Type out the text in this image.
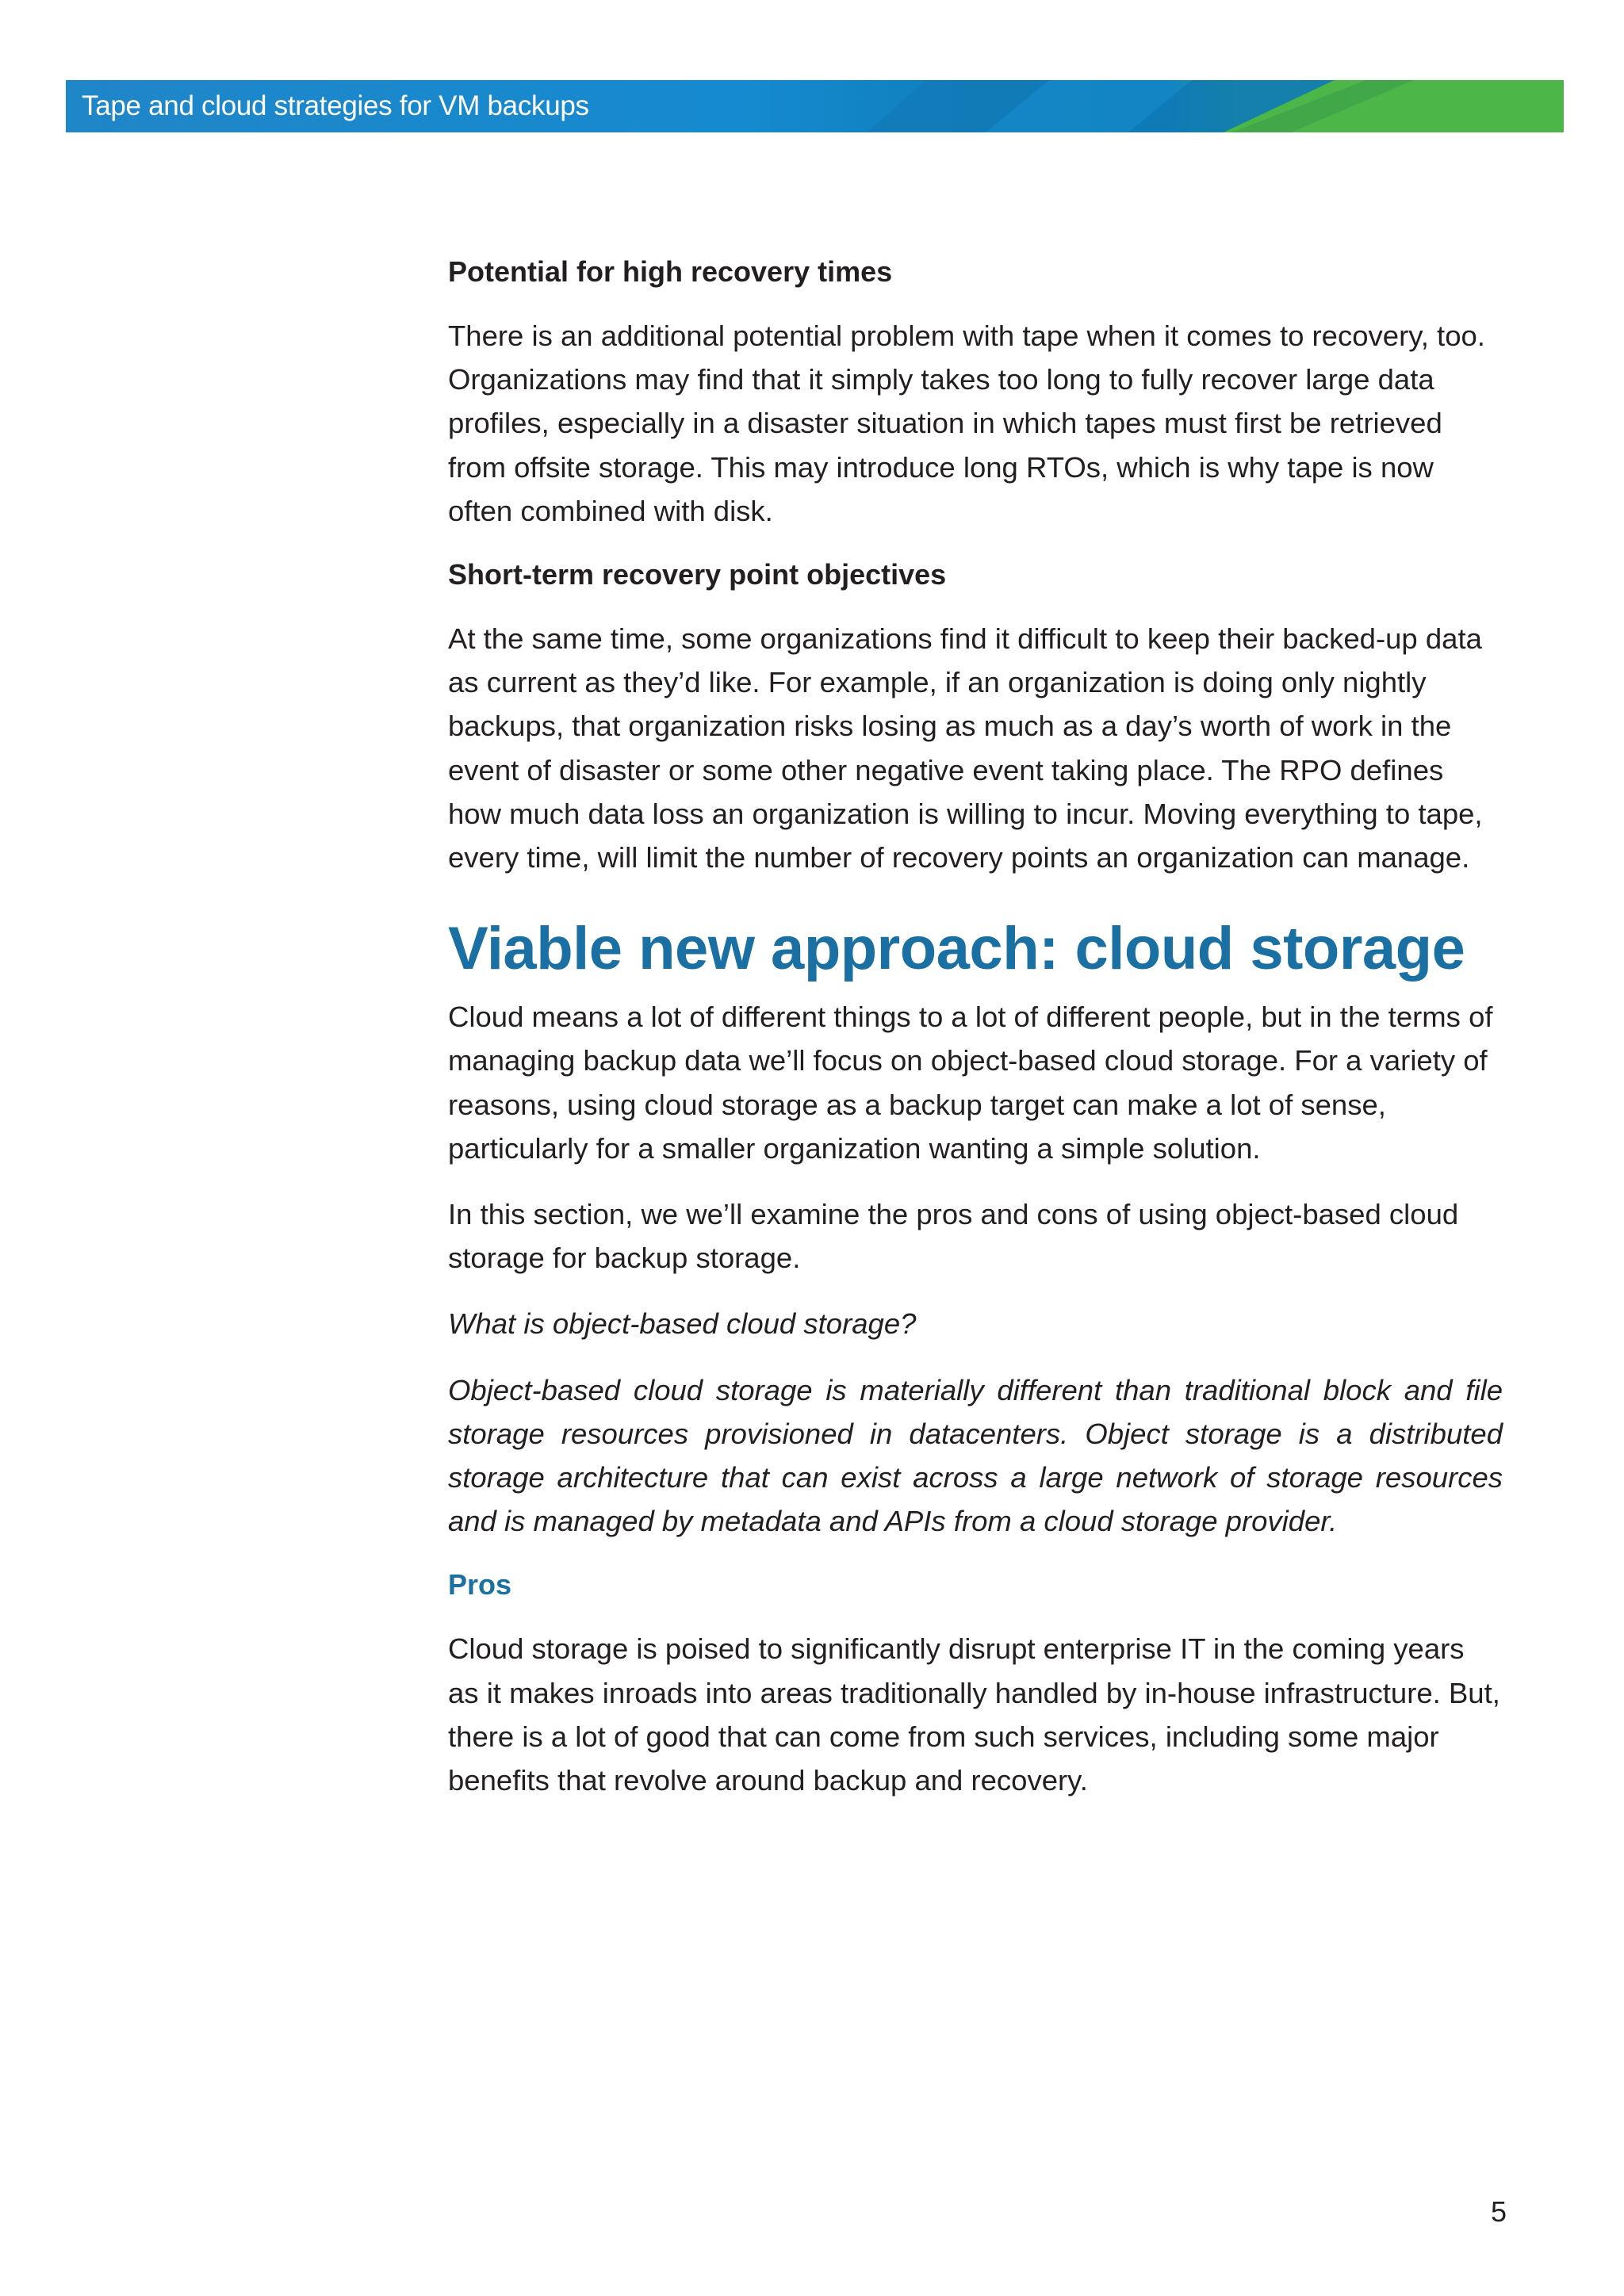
Tape and cloud strategies for VM backups
Potential for high recovery times
There is an additional potential problem with tape when it comes to recovery, too. Organizations may find that it simply takes too long to fully recover large data profiles, especially in a disaster situation in which tapes must first be retrieved from offsite storage. This may introduce long RTOs, which is why tape is now often combined with disk.
Short-term recovery point objectives
At the same time, some organizations find it difficult to keep their backed-up data as current as they’d like. For example, if an organization is doing only nightly backups, that organization risks losing as much as a day’s worth of work in the event of disaster or some other negative event taking place. The RPO defines how much data loss an organization is willing to incur. Moving everything to tape, every time, will limit the number of recovery points an organization can manage.
Viable new approach: cloud storage
Cloud means a lot of different things to a lot of different people, but in the terms of managing backup data we’ll focus on object-based cloud storage. For a variety of reasons, using cloud storage as a backup target can make a lot of sense, particularly for a smaller organization wanting a simple solution.
In this section, we we’ll examine the pros and cons of using object-based cloud storage for backup storage.
What is object-based cloud storage?
Object-based cloud storage is materially different than traditional block and file storage resources provisioned in datacenters. Object storage is a distributed storage architecture that can exist across a large network of storage resources and is managed by metadata and APIs from a cloud storage provider.
Pros
Cloud storage is poised to significantly disrupt enterprise IT in the coming years as it makes inroads into areas traditionally handled by in-house infrastructure. But, there is a lot of good that can come from such services, including some major benefits that revolve around backup and recovery.
5
